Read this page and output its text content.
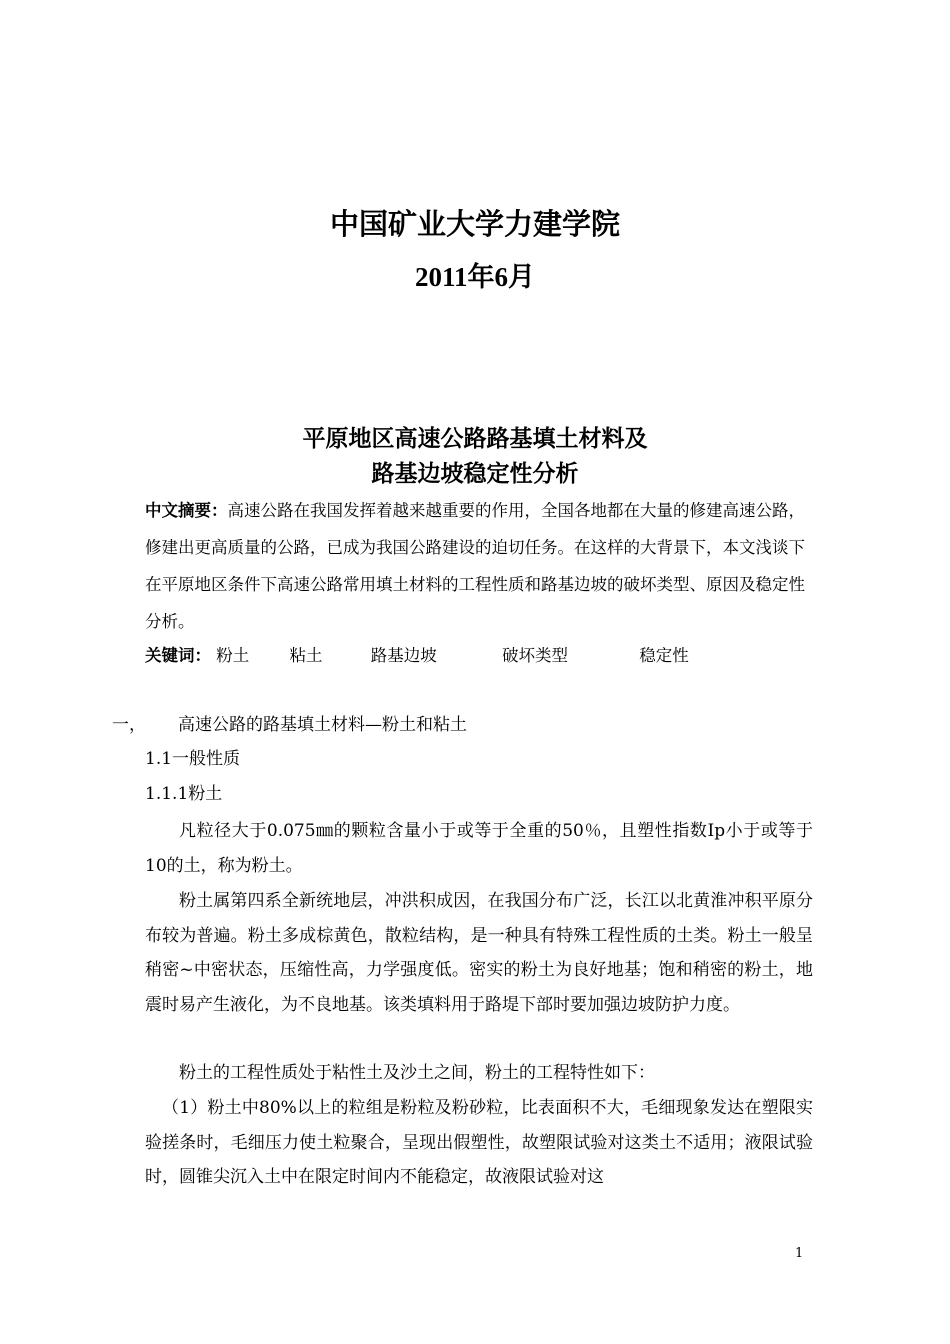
中国矿业大学力建学院
2011年6月
平原地区高速公路路基填土材料及
路基边坡稳定性分析
中文摘要：高速公路在我国发挥着越来越重要的作用，全国各地都在大量的修建高速公路，修建出更高质量的公路，已成为我国公路建设的迫切任务。在这样的大背景下，本文浅谈下在平原地区条件下高速公路常用填土材料的工程性质和路基边坡的破坏类型、原因及稳定性分析。
关键词： 粉土 粘土	路基边坡	破坏类型	稳定性
一， 高速公路的路基填土材料—粉土和粘土
1.1一般性质
1.1.1粉土
凡粒径大于0.075㎜的颗粒含量小于或等于全重的50％，且塑性指数Ip小于或等于10的土，称为粉土。
粉土属第四系全新统地层，冲洪积成因，在我国分布广泛，长江以北黄淮冲积平原分布较为普遍。粉土多成棕黄色，散粒结构，是一种具有特殊工程性质的土类。粉土一般呈稍密~中密状态，压缩性高，力学强度低。密实的粉土为良好地基；饱和稍密的粉土，地震时易产生液化，为不良地基。该类填料用于路堤下部时要加强边坡防护力度。
粉土的工程性质处于粘性土及沙土之间，粉土的工程特性如下：
（1）粉土中80%以上的粒组是粉粒及粉砂粒，比表面积不大，毛细现象发达在塑限实验搓条时，毛细压力使土粒聚合，呈现出假塑性，故塑限试验对这类土不适用；液限试验时，圆锥尖沉入土中在限定时间内不能稳定，故液限试验对这
1
